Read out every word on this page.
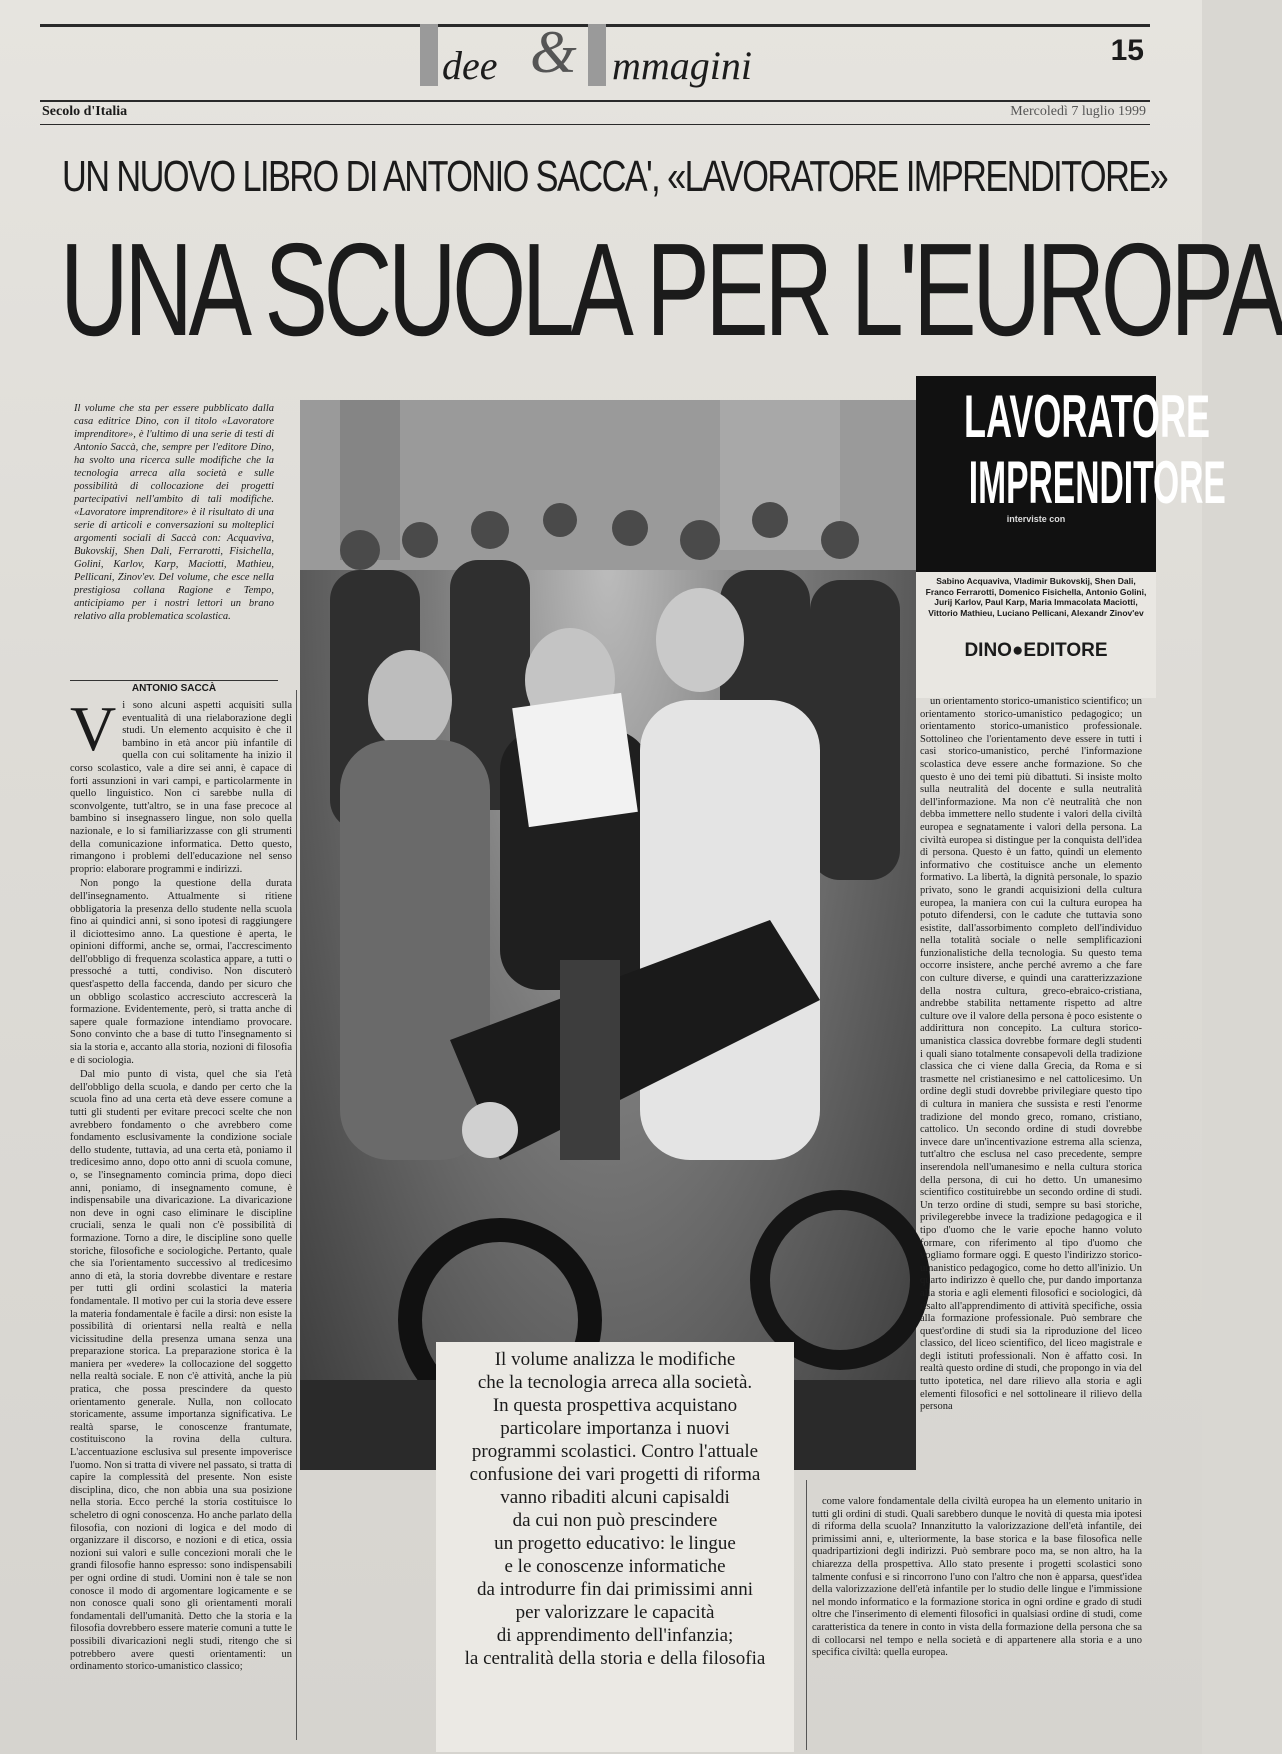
dee & mmagini	15
Secolo d'Italia	Mercoledì 7 luglio 1999
UN NUOVO LIBRO DI ANTONIO SACCA', «LAVORATORE IMPRENDITORE»
UNA SCUOLA PER L'EUROPA
Il volume che sta per essere pubblicato dalla casa editrice Dino, con il titolo «Lavoratore imprenditore», è l'ultimo di una serie di testi di Antonio Saccà, che, sempre per l'editore Dino, ha svolto una ricerca sulle modifiche che la tecnologia arreca alla società e sulle possibilità di collocazione dei progetti partecipativi nell'ambito di tali modifiche. «Lavoratore imprenditore» è il risultato di una serie di articoli e conversazioni su molteplici argomenti sociali di Saccà con: Acquaviva, Bukovskij, Shen Dali, Ferrarotti, Fisichella, Golini, Karlov, Karp, Maciotti, Mathieu, Pellicani, Zinov'ev. Del volume, che esce nella prestigiosa collana Ragione e Tempo, anticipiamo per i nostri lettori un brano relativo alla problematica scolastica.
ANTONIO SACCÀ
V i sono alcuni aspetti acquisiti sulla eventualità di una rielaborazione degli studi. Un elemento acquisito è che il bambino in età ancor più infantile di quella con cui solitamente ha inizio il corso scolastico, vale a dire sei anni, è capace di forti assunzioni in vari campi, e particolarmente in quello linguistico. Non ci sarebbe nulla di sconvolgente, tutt'altro, se in una fase precoce al bambino si insegnassero lingue, non solo quella nazionale, e lo si familiarizzasse con gli strumenti della comunicazione informatica. Detto questo, rimangono i problemi dell'educazione nel senso proprio: elaborare programmi e indirizzi.

Non pongo la questione della durata dell'insegnamento. Attualmente si ritiene obbligatoria la presenza dello studente nella scuola fino ai quindici anni, si sono ipotesi di raggiungere il diciottesimo anno. La questione è aperta, le opinioni difformi, anche se, ormai, l'accrescimento dell'obbligo di frequenza scolastica appare, a tutti o pressoché a tutti, condiviso. Non discuterò quest'aspetto della faccenda, dando per sicuro che un obbligo scolastico accresciuto accrescerà la formazione. Evidentemente, però, si tratta anche di sapere quale formazione intendiamo provocare. Sono convinto che a base di tutto l'insegnamento si sia la storia e, accanto alla storia, nozioni di filosofia e di sociologia.

Dal mio punto di vista, quel che sia l'età dell'obbligo della scuola, e dando per certo che la scuola fino ad una certa età deve essere comune a tutti gli studenti per evitare precoci scelte che non avrebbero fondamento o che avrebbero come fondamento esclusivamente la condizione sociale dello studente, tuttavia, ad una certa età, poniamo il tredicesimo anno, dopo otto anni di scuola comune, o, se l'insegnamento comincia prima, dopo dieci anni, poniamo, di insegnamento comune, è indispensabile una divaricazione. La divaricazione non deve in ogni caso eliminare le discipline cruciali, senza le quali non c'è possibilità di formazione. Torno a dire, le discipline sono quelle storiche, filosofiche e sociologiche. Pertanto, quale che sia l'orientamento successivo al tredicesimo anno di età, la storia dovrebbe diventare e restare per tutti gli ordini scolastici la materia fondamentale. Il motivo per cui la storia deve essere la materia fondamentale è facile a dirsi: non esiste la possibilità di orientarsi nella realtà e nella vicissitudine della presenza umana senza una preparazione storica. La preparazione storica è la maniera per «vedere» la collocazione del soggetto nella realtà sociale. E non c'è attività, anche la più pratica, che possa prescindere da questo orientamento generale. Nulla, non collocato storicamente, assume importanza significativa. Le realtà sparse, le conoscenze frantumate, costituiscono la rovina della cultura. L'accentuazione esclusiva sul presente impoverisce l'uomo. Non si tratta di vivere nel passato, si tratta di capire la complessità del presente. Non esiste disciplina, dico, che non abbia una sua posizione nella storia. Ecco perché la storia costituisce lo scheletro di ogni conoscenza. Ho anche parlato della filosofia, con nozioni di logica e del modo di organizzare il discorso, e nozioni e di etica, ossia nozioni sui valori e sulle concezioni morali che le grandi filosofie hanno espresso: sono indispensabili per ogni ordine di studi. Uomini non è tale se non conosce il modo di argomentare logicamente e se non conosce quali sono gli orientamenti morali fondamentali dell'umanità. Detto che la storia e la filosofia dovrebbero essere materie comuni a tutte le possibili divaricazioni negli studi, ritengo che si potrebbero avere questi orientamenti: un ordinamento storico-umanistico classico;

LAVORATORE
IMPRENDITORE
interviste con
Sabino Acquaviva, Vladimir Bukovskij, Shen Dali, Franco Ferrarotti, Domenico Fisichella, Antonio Golini, Jurij Karlov, Paul Karp, Maria Immacolata Maciotti, Vittorio Mathieu, Luciano Pellicani, Alexandr Zinov'ev
DINO●EDITORE

un orientamento storico-umanistico scientifico; un orientamento storico-umanistico pedagogico; un orientamento storico-umanistico professionale. Sottolineo che l'orientamento deve essere in tutti i casi storico-umanistico, perché l'informazione scolastica deve essere anche formazione. So che questo è uno dei temi più dibattuti. Si insiste molto sulla neutralità del docente e sulla neutralità dell'informazione. Ma non c'è neutralità che non debba immettere nello studente i valori della civiltà europea e segnatamente i valori della persona. La civiltà europea si distingue per la conquista dell'idea di persona. Questo è un fatto, quindi un elemento informativo che costituisce anche un elemento formativo. La libertà, la dignità personale, lo spazio privato, sono le grandi acquisizioni della cultura europea, la maniera con cui la cultura europea ha potuto difendersi, con le cadute che tuttavia sono esistite, dall'assorbimento completo dell'individuo nella totalità sociale o nelle semplificazioni funzionalistiche della tecnologia. Su questo tema occorre insistere, anche perché avremo a che fare con culture diverse, e quindi una caratterizzazione della nostra cultura, greco-ebraico-cristiana, andrebbe stabilita nettamente rispetto ad altre culture ove il valore della persona è poco esistente o addirittura non concepito. La cultura storico-umanistica classica dovrebbe formare degli studenti i quali siano totalmente consapevoli della tradizione classica che ci viene dalla Grecia, da Roma e si trasmette nel cristianesimo e nel cattolicesimo. Un ordine degli studi dovrebbe privilegiare questo tipo di cultura in maniera che sussista e resti l'enorme tradizione del mondo greco, romano, cristiano, cattolico. Un secondo ordine di studi dovrebbe invece dare un'incentivazione estrema alla scienza, tutt'altro che esclusa nel caso precedente, sempre inserendola nell'umanesimo e nella cultura storica della persona, di cui ho detto. Un umanesimo scientifico costituirebbe un secondo ordine di studi. Un terzo ordine di studi, sempre su basi storiche, privilegerebbe invece la tradizione pedagogica e il tipo d'uomo che le varie epoche hanno voluto formare, con riferimento al tipo d'uomo che vogliamo formare oggi. E questo l'indirizzo storico-umanistico pedagogico, come ho detto all'inizio. Un quarto indirizzo è quello che, pur dando importanza alla storia e agli elementi filosofici e sociologici, dà risalto all'apprendimento di attività specifiche, ossia alla formazione professionale. Può sembrare che quest'ordine di studi sia la riproduzione del liceo classico, del liceo scientifico, del liceo magistrale e degli istituti professionali. Non è affatto così. In realtà questo ordine di studi, che propongo in via del tutto ipotetica, nel dare rilievo alla storia e agli elementi filosofici e nel sottolineare il rilievo della persona

come valore fondamentale della civiltà europea ha un elemento unitario in tutti gli ordini di studi. Quali sarebbero dunque le novità di questa mia ipotesi di riforma della scuola? Innanzitutto la valorizzazione dell'età infantile, dei primissimi anni, e, ulteriormente, la base storica e la base filosofica nelle quadripartizioni degli indirizzi. Può sembrare poco ma, se non altro, ha la chiarezza della prospettiva. Allo stato presente i progetti scolastici sono talmente confusi e si rincorrono l'uno con l'altro che non è apparsa, quest'idea della valorizzazione dell'età infantile per lo studio delle lingue e l'immissione nel mondo informatico e la formazione storica in ogni ordine e grado di studi oltre che l'inserimento di elementi filosofici in qualsiasi ordine di studi, come caratteristica da tenere in conto in vista della formazione della persona che sa di collocarsi nel tempo e nella società e di appartenere alla storia e a uno specifica civiltà: quella europea.

Il volume analizza le modifiche
che la tecnologia arreca alla società.
In questa prospettiva acquistano
particolare importanza i nuovi
programmi scolastici. Contro l'attuale
confusione dei vari progetti di riforma
vanno ribaditi alcuni capisaldi
da cui non può prescindere
un progetto educativo: le lingue
e le conoscenze informatiche
da introdurre fin dai primissimi anni
per valorizzare le capacità
di apprendimento dell'infanzia;
la centralità della storia e della filosofia
